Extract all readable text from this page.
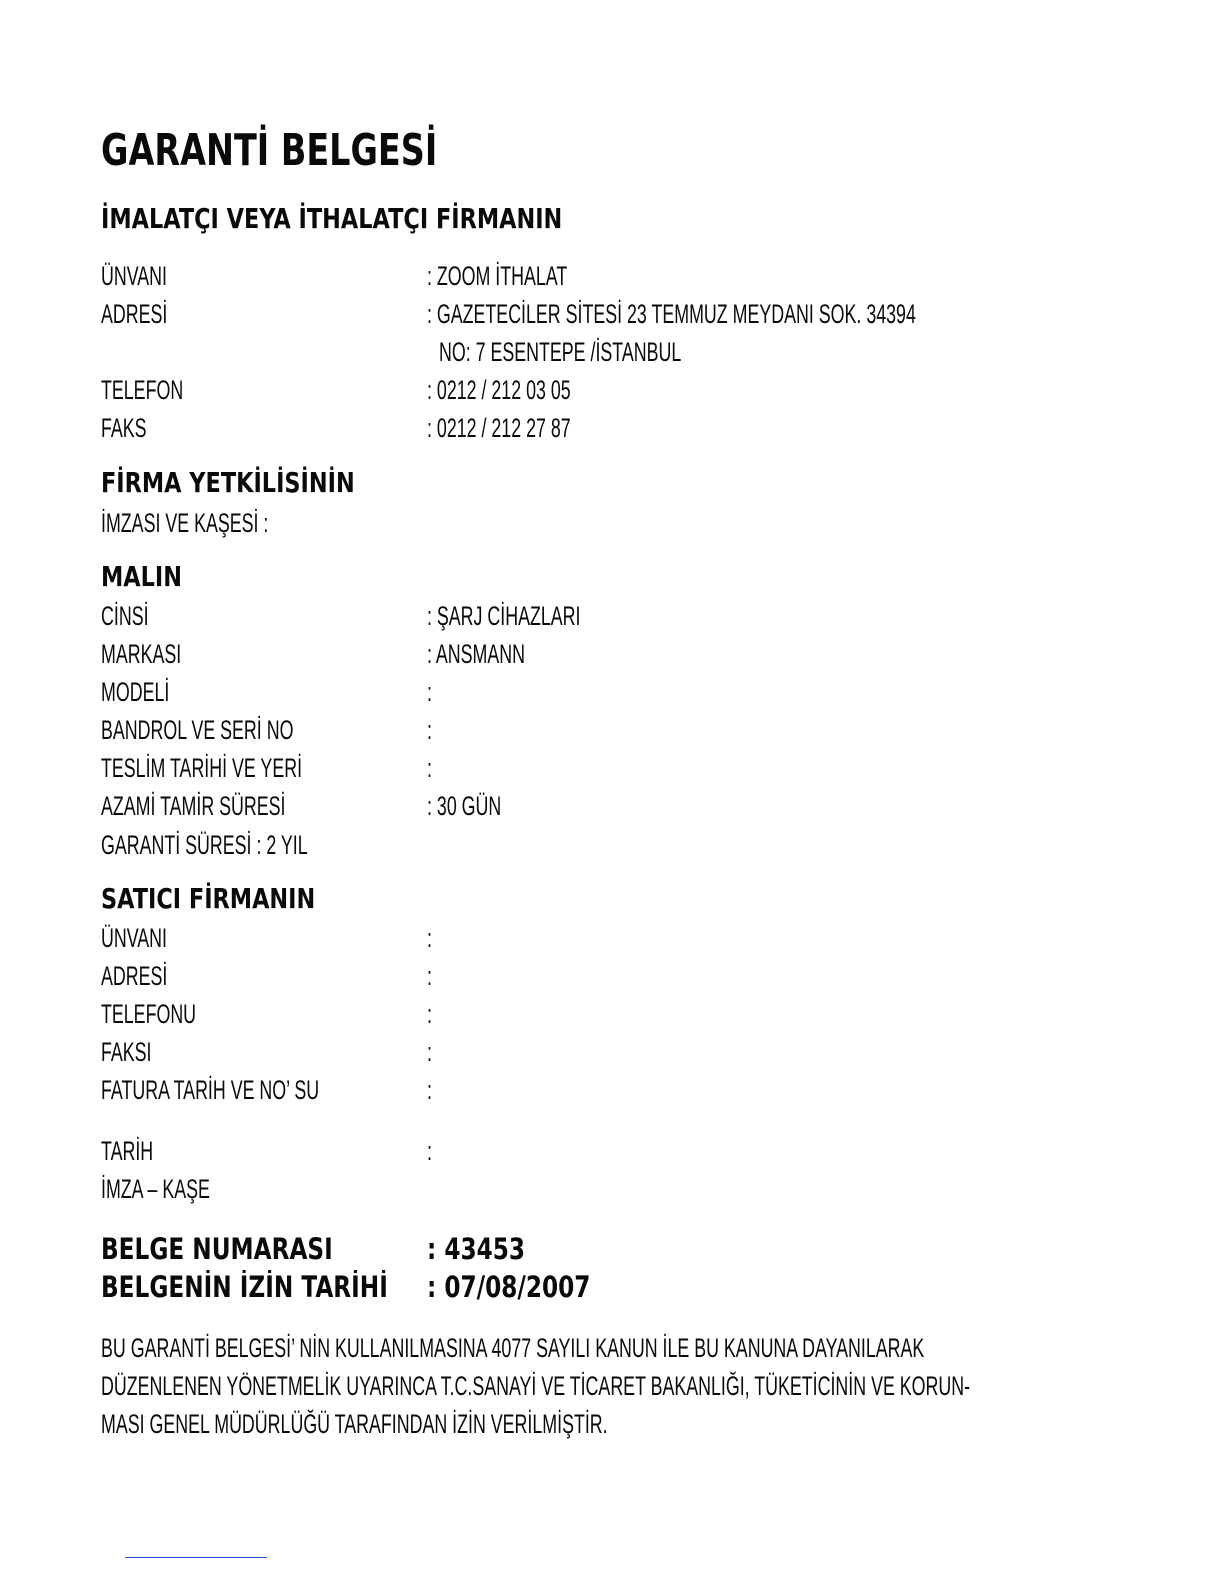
GARANTİ BELGESİ
İMALATÇI VEYA İTHALATÇI FİRMANIN
ÜNVANI	: ZOOM İTHALAT
ADRESİ	: GAZETECİLER SİTESİ 23 TEMMUZ MEYDANI SOK. 34394
NO: 7 ESENTEPE /İSTANBUL
TELEFON	: 0212 / 212 03 05
FAKS	: 0212 / 212 27 87
FİRMA YETKİLİSİNİN
İMZASI VE KAŞESİ :
MALIN
CİNSİ	: ŞARJ CİHAZLARI
MARKASI	: ANSMANN
MODELİ	:
BANDROL VE SERİ NO	:
TESLİM TARİHİ VE YERİ	:
AZAMİ TAMİR SÜRESİ	: 30 GÜN
GARANTİ SÜRESİ : 2 YIL
SATICI FİRMANIN
ÜNVANI	:
ADRESİ	:
TELEFONU	:
FAKSI	:
FATURA TARİH VE NO’ SU	:
TARİH	:
İMZA – KAŞE
BELGE NUMARASI	: 43453
BELGENİN İZİN TARİHİ	: 07/08/2007
BU GARANTİ BELGESİ’ NİN KULLANILMASINA 4077 SAYILI KANUN İLE BU KANUNA DAYANILARAK
DÜZENLENEN YÖNETMELİK UYARINCA T.C.SANAYİ VE TİCARET BAKANLIĞI, TÜKETİCİNİN VE KORUN-
MASI GENEL MÜDÜRLÜĞÜ TARAFINDAN İZİN VERİLMİŞTİR.
